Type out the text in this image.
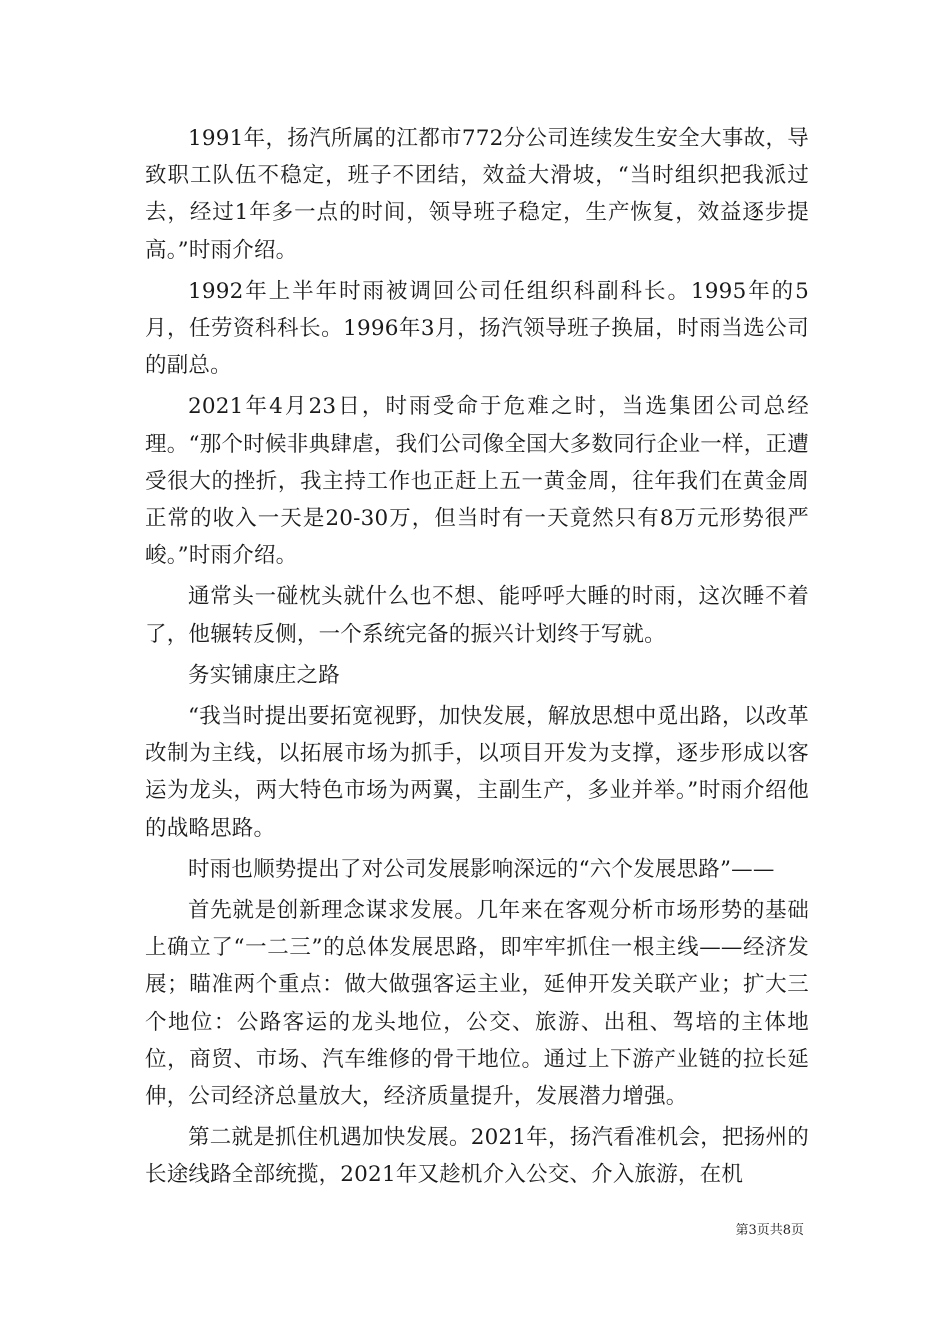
1991年，扬汽所属的江都市772分公司连续发生安全大事故，导致职工队伍不稳定，班子不团结，效益大滑坡，“当时组织把我派过去，经过1年多一点的时间，领导班子稳定，生产恢复，效益逐步提高。”时雨介绍。

1992年上半年时雨被调回公司任组织科副科长。1995年的5月，任劳资科科长。1996年3月，扬汽领导班子换届，时雨当选公司的副总。

2021年4月23日，时雨受命于危难之时，当选集团公司总经理。“那个时候非典肆虐，我们公司像全国大多数同行企业一样，正遭受很大的挫折，我主持工作也正赶上五一黄金周，往年我们在黄金周正常的收入一天是20-30万，但当时有一天竟然只有8万元形势很严峻。”时雨介绍。

通常头一碰枕头就什么也不想、能呼呼大睡的时雨，这次睡不着了，他辗转反侧，一个系统完备的振兴计划终于写就。

务实铺康庄之路

“我当时提出要拓宽视野，加快发展，解放思想中觅出路，以改革改制为主线，以拓展市场为抓手，以项目开发为支撑，逐步形成以客运为龙头，两大特色市场为两翼，主副生产，多业并举。”时雨介绍他的战略思路。

时雨也顺势提出了对公司发展影响深远的“六个发展思路”——

首先就是创新理念谋求发展。几年来在客观分析市场形势的基础上确立了“一二三”的总体发展思路，即牢牢抓住一根主线——经济发展；瞄准两个重点：做大做强客运主业，延伸开发关联产业；扩大三个地位：公路客运的龙头地位，公交、旅游、出租、驾培的主体地位，商贸、市场、汽车维修的骨干地位。通过上下游产业链的拉长延伸，公司经济总量放大，经济质量提升，发展潜力增强。

第二就是抓住机遇加快发展。2021年，扬汽看准机会，把扬州的长途线路全部统揽，2021年又趁机介入公交、介入旅游，在机

第3页共8页
